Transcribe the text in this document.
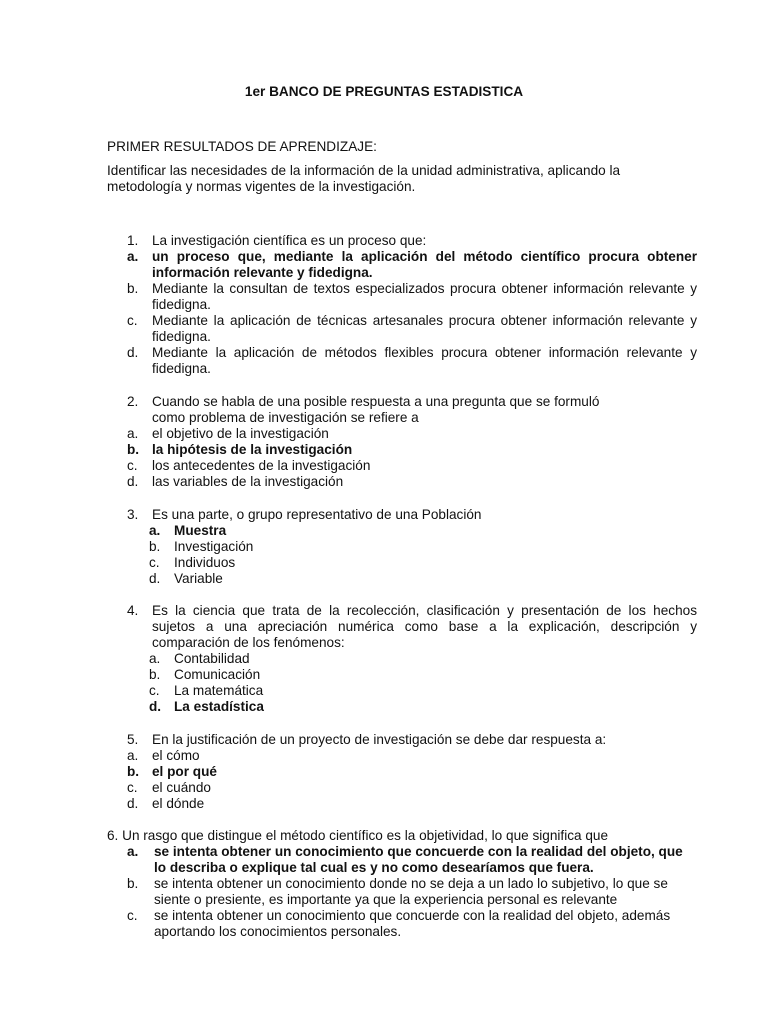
1er BANCO DE PREGUNTAS ESTADISTICA
PRIMER RESULTADOS DE APRENDIZAJE:
Identificar las necesidades de la información de la unidad administrativa, aplicando la metodología y normas vigentes de la investigación.
1. La investigación científica es un proceso que:
a. un proceso que, mediante la aplicación del método científico procura obtener información relevante y fidedigna.
b. Mediante la consultan de textos especializados procura obtener información relevante y fidedigna.
c. Mediante la aplicación de técnicas artesanales procura obtener información relevante y fidedigna.
d. Mediante la aplicación de métodos flexibles procura obtener información relevante y fidedigna.
2. Cuando se habla de una posible respuesta a una pregunta que se formuló como problema de investigación se refiere a
a. el objetivo de la investigación
b. la hipótesis de la investigación
c. los antecedentes de la investigación
d. las variables de la investigación
3. Es una parte, o grupo representativo de una Población
a. Muestra
b. Investigación
c. Individuos
d. Variable
4. Es la ciencia que trata de la recolección, clasificación y presentación de los hechos sujetos a una apreciación numérica como base a la explicación, descripción y comparación de los fenómenos:
a. Contabilidad
b. Comunicación
c. La matemática
d. La estadística
5. En la justificación de un proyecto de investigación se debe dar respuesta a:
a. el cómo
b. el por qué
c. el cuándo
d. el dónde
6. Un rasgo que distingue el método científico es la objetividad, lo que significa que
a. se intenta obtener un conocimiento que concuerde con la realidad del objeto, que lo describa o explique tal cual es y no como desearíamos que fuera.
b. se intenta obtener un conocimiento donde no se deja a un lado lo subjetivo, lo que se siente o presiente, es importante ya que la experiencia personal es relevante
c. se intenta obtener un conocimiento que concuerde con la realidad del objeto, además aportando los conocimientos personales.
